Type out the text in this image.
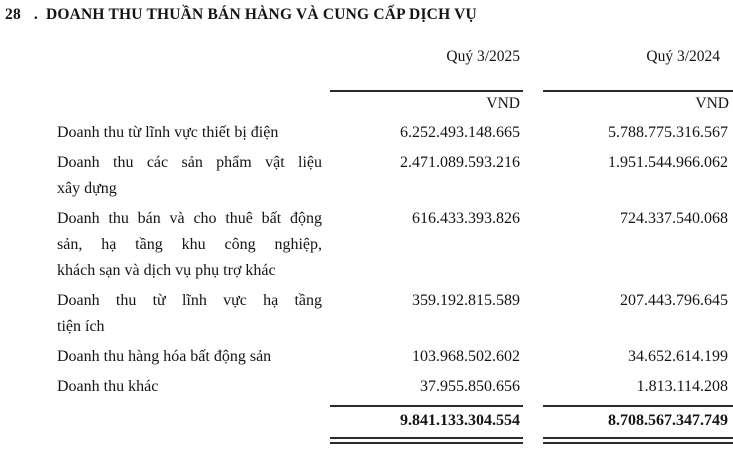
28 . DOANH THU THUẦN BÁN HÀNG VÀ CUNG CẤP DỊCH VỤ
Quý 3/2025	Quý 3/2024
VND	VND
Doanh thu từ lĩnh vực thiết bị điện	6.252.493.148.665	5.788.775.316.567
Doanh thu các sản phẩm vật liệu
xây dựng
2.471.089.593.216	1.951.544.966.062
Doanh thu bán và cho thuê bất động
sản, hạ tầng khu công nghiệp,
khách sạn và dịch vụ phụ trợ khác
616.433.393.826	724.337.540.068
Doanh thu từ lĩnh vực hạ tầng
tiện ích
359.192.815.589	207.443.796.645
Doanh thu hàng hóa bất động sản	103.968.502.602	34.652.614.199
Doanh thu khác	37.955.850.656	1.813.114.208
9.841.133.304.554	8.708.567.347.749
